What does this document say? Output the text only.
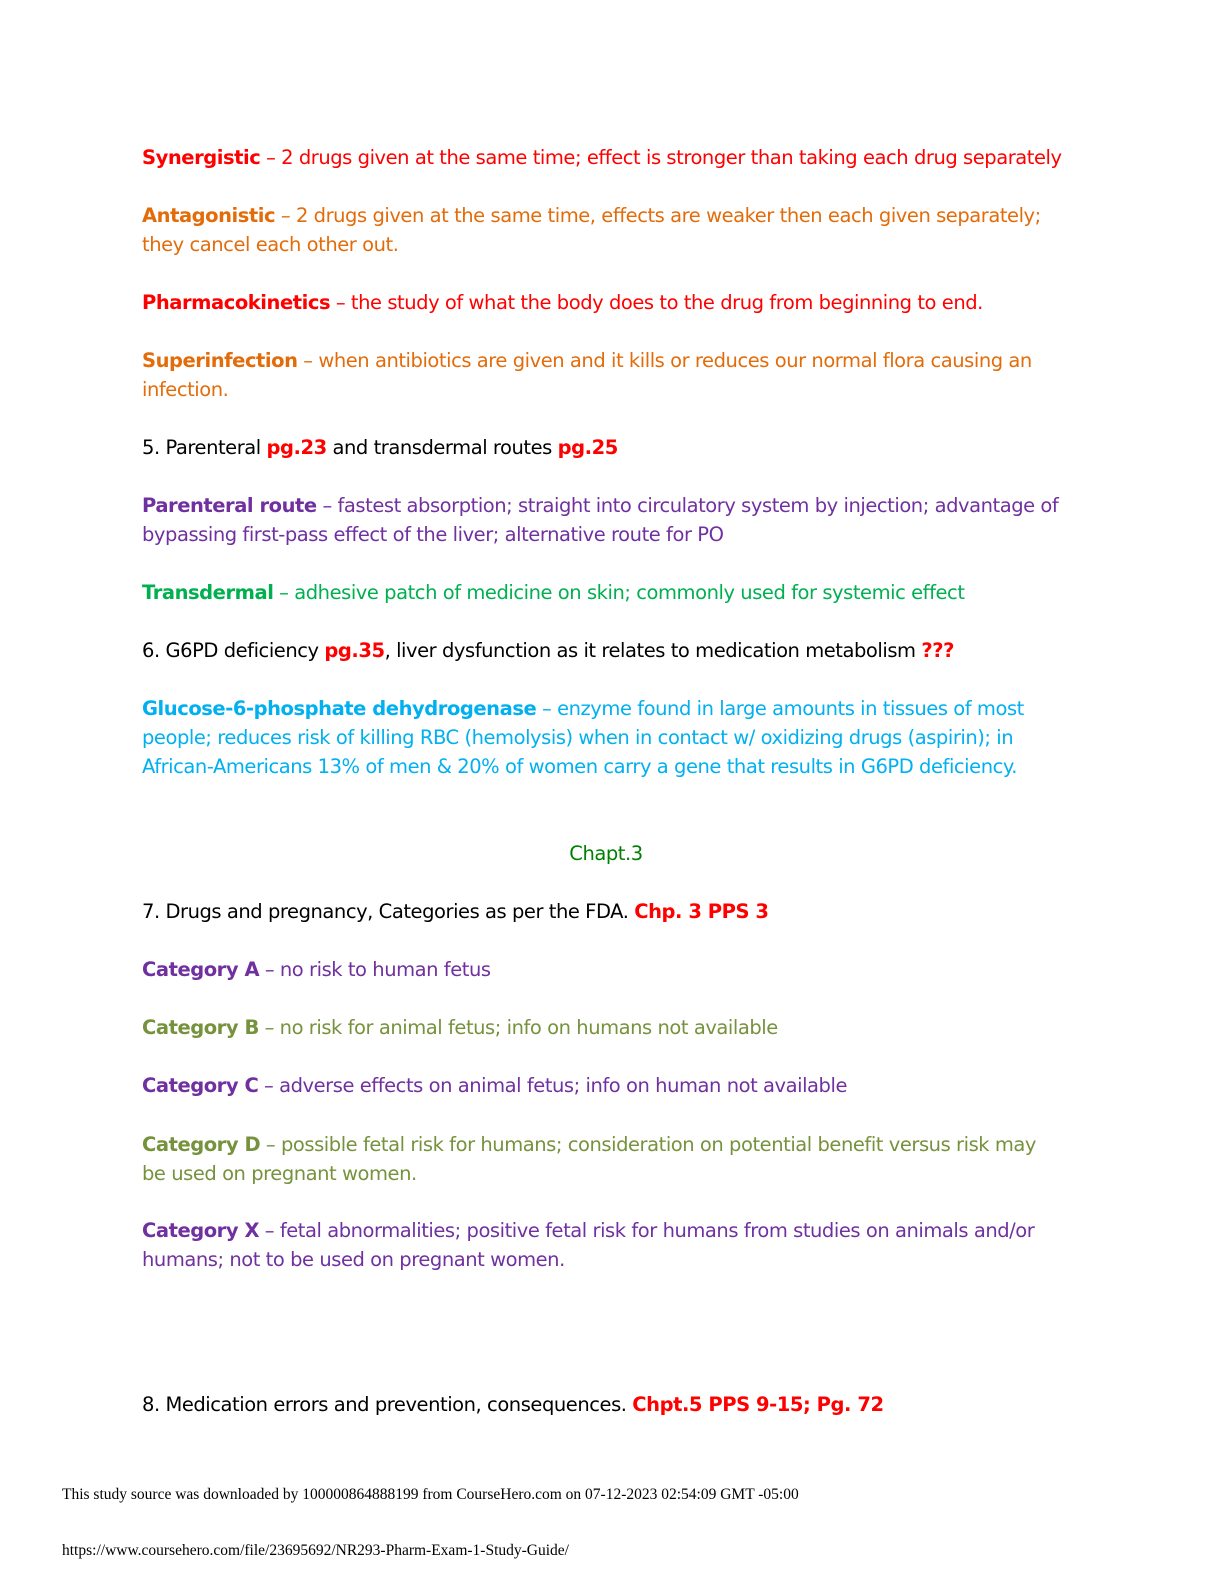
Synergistic – 2 drugs given at the same time; effect is stronger than taking each drug separately
Antagonistic – 2 drugs given at the same time, effects are weaker then each given separately;
they cancel each other out.
Pharmacokinetics – the study of what the body does to the drug from beginning to end.
Superinfection – when antibiotics are given and it kills or reduces our normal flora causing an
infection.
5. Parenteral pg.23 and transdermal routes pg.25
Parenteral route – fastest absorption; straight into circulatory system by injection; advantage of
bypassing first-pass effect of the liver; alternative route for PO
Transdermal – adhesive patch of medicine on skin; commonly used for systemic effect
6. G6PD deficiency pg.35, liver dysfunction as it relates to medication metabolism ???
Glucose-6-phosphate dehydrogenase – enzyme found in large amounts in tissues of most
people; reduces risk of killing RBC (hemolysis) when in contact w/ oxidizing drugs (aspirin); in
African-Americans 13% of men & 20% of women carry a gene that results in G6PD deficiency.
Chapt.3
7. Drugs and pregnancy, Categories as per the FDA. Chp. 3 PPS 3
Category A – no risk to human fetus
Category B – no risk for animal fetus; info on humans not available
Category C – adverse effects on animal fetus; info on human not available
Category D – possible fetal risk for humans; consideration on potential benefit versus risk may
be used on pregnant women.
Category X – fetal abnormalities; positive fetal risk for humans from studies on animals and/or
humans; not to be used on pregnant women.
8. Medication errors and prevention, consequences. Chpt.5 PPS 9-15; Pg. 72
This study source was downloaded by 100000864888199 from CourseHero.com on 07-12-2023 02:54:09 GMT -05:00
https://www.coursehero.com/file/23695692/NR293-Pharm-Exam-1-Study-Guide/
